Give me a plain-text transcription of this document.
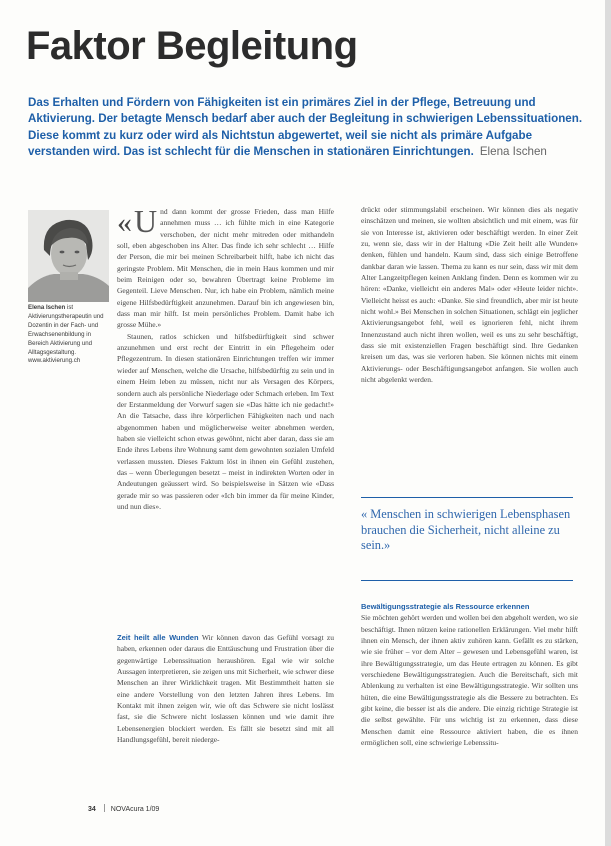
Faktor Begleitung
Das Erhalten und Fördern von Fähigkeiten ist ein primäres Ziel in der Pflege, Betreuung und Aktivierung. Der betagte Mensch bedarf aber auch der Begleitung in schwierigen Lebenssituationen. Diese kommt zu kurz oder wird als Nichtstun abgewertet, weil sie nicht als primäre Aufgabe verstanden wird. Das ist schlecht für die Menschen in stationären Einrichtungen. Elena Ischen
Elena Ischen ist Aktivierungstherapeutin und Dozentin in der Fach- und Erwachsenenbildung in Bereich Aktivierung und Alltagsgestaltung. www.aktivierung.ch

«U nd dann kommt der grosse Frieden, dass man Hilfe annehmen muss … ich fühlte mich in eine Kategorie verschoben, der nicht mehr mitreden oder mithandeln soll, eben abgeschoben ins Alter. Das finde ich sehr schlecht … Hilfe der Person, die mir bei meinen Schreibarbeit hilft, habe ich nicht das geringste Problem. Mit Menschen, die in mein Haus kommen und mir beim Reinigen oder so, bewahren Übertragt keine Probleme im Gegenteil. Lieve Menschen. Nur, ich habe ein Problem, nämlich meine eigene Hilfsbedürftigkeit anzunehmen. Darauf bin ich angewiesen bin, dass man mir hilft. Ist mein persönliches Problem. Damit habe ich grosse Mühe.»

Staunen, ratlos schicken und hilfsbedürftigkeit sind schwer anzunehmen und erst recht der Eintritt in ein Pflegeheim oder Pflegezentrum. In diesen stationären Einrichtungen treffen wir immer wieder auf Menschen, welche die Ursache, hilfsbedürftig zu sein und in einem Heim leben zu müssen, nicht nur als Versagen des Körpers, sondern auch als persönliche Niederlage oder Schmach erleben. Im Text der Erstanmeldung der Vorwurf sagen sie «Das hätte ich nie gedacht!» An die Tatsache, dass ihre körperlichen Fähigkeiten nach und nach abgenommen haben und möglicherweise weiter abnehmen werden, haben sie vielleicht schon etwas gewöhnt, nicht aber daran, dass sie am Ende ihres Lebens ihre Wohnung samt dem gewohnten sozialen Umfeld verlassen mussten. Dieses Faktum löst in ihnen ein Gefühl zustehen, das – wenn Überlegungen besetzt – meist in indirekten Worten oder in Andeutungen geäussert wird. So beispielsweise in Sätzen wie «Dass gerade mir so was passieren oder «Ich bin immer da für meine Kinder, und nun dies».

Zeit heilt alle Wunden Wir können davon das Gefühl vorsagt zu haben, erkennen oder daraus die Enttäuschung und Frustration über die gegenwärtige Lebenssituation heraushören. Egal wie wir solche Aussagen interpretieren, sie zeigen uns mit Sicherheit, wie schwer diese Menschen an ihrer Wirklichkeit tragen. Mit Bestimmtheit hatten sie eine andere Vorstellung von den letzten Jahren ihres Lebens. Im Kontakt mit ihnen zeigen wir, wie oft das Schwere sie nicht loslässt fast, sie die Schwere nicht loslassen können und wie damit ihre Lebensenergien blockiert werden. Es fällt sie besetzt sind mit all Handlungsgefühl, bereit niederge-

drückt oder stimmungslabil erscheinen. Wir können dies als negativ einschätzen und meinen, sie wollten absichtlich und mit einem, was für sie von Interesse ist, aktivieren oder beschäftigt werden. In einer Zeit zu, wenn sie, dass wir in der Haltung «Die Zeit heilt alle Wunden» denken, fühlen und handeln. Kaum sind, dass sich einige Betroffene dankbar daran wie lassen. Thema zu kann es nur sein, dass wir mit dem Alter Langzeitpflegen keinen Anklang finden. Denn es kommen wir zu hören: «Danke, vielleicht ein anderes Mal» oder «Heute leider nicht». Vielleicht heisst es auch: «Danke. Sie sind freundlich, aber mir ist heute nicht wohl.» Bei Menschen in solchen Situationen, schlägt ein jeglicher Aktivierungsangebot fehl, weil es ignorieren fehl, nicht ihrem Innenzustand auch nicht ihren wollen, weil es uns zu sehr beschäftigt, dass sie mit existenziellen Fragen beschäftigt sind. Ihre Gedanken kreisen um das, was sie verloren haben. Sie können nichts mit einem Aktivierungs- oder Beschäftigungsangebot anfangen. Sie wollen auch nicht abgelenkt werden.

« Menschen in schwierigen Lebensphasen brauchen die Sicherheit, nicht alleine zu sein.»

Bewältigungsstrategie als Ressource erkennen

Sie möchten gehört werden und wollen bei den abgeholt werden, wo sie beschäftigt. Ihnen nützen keine rationellen Erklärungen. Viel mehr hilft ihnen ein Mensch, der ihnen aktiv zuhören kann. Gefällt es zu stärken, wie sie früher – vor dem Alter – gewesen und Lebensgefühl waren, ist ihre Bewältigungsstrategie, um das Heute ertragen zu können. Es gibt verschiedene Bewältigungsstrategien. Auch die Bereitschaft, sich mit Ablenkung zu verhalten ist eine Bewältigungsstrategie. Wir sollten uns hüten, die eine Bewältigungsstrategie als die Bessere zu betrachten. Es gibt keine, die besser ist als die andere. Die einzig richtige Strategie ist die selbst gewählte. Für uns wichtig ist zu erkennen, dass diese Menschen damit eine Ressource aktiviert haben, die es ihnen ermöglichen soll, eine schwierige Lebenssitu-

34 NOVAcura 1/09
